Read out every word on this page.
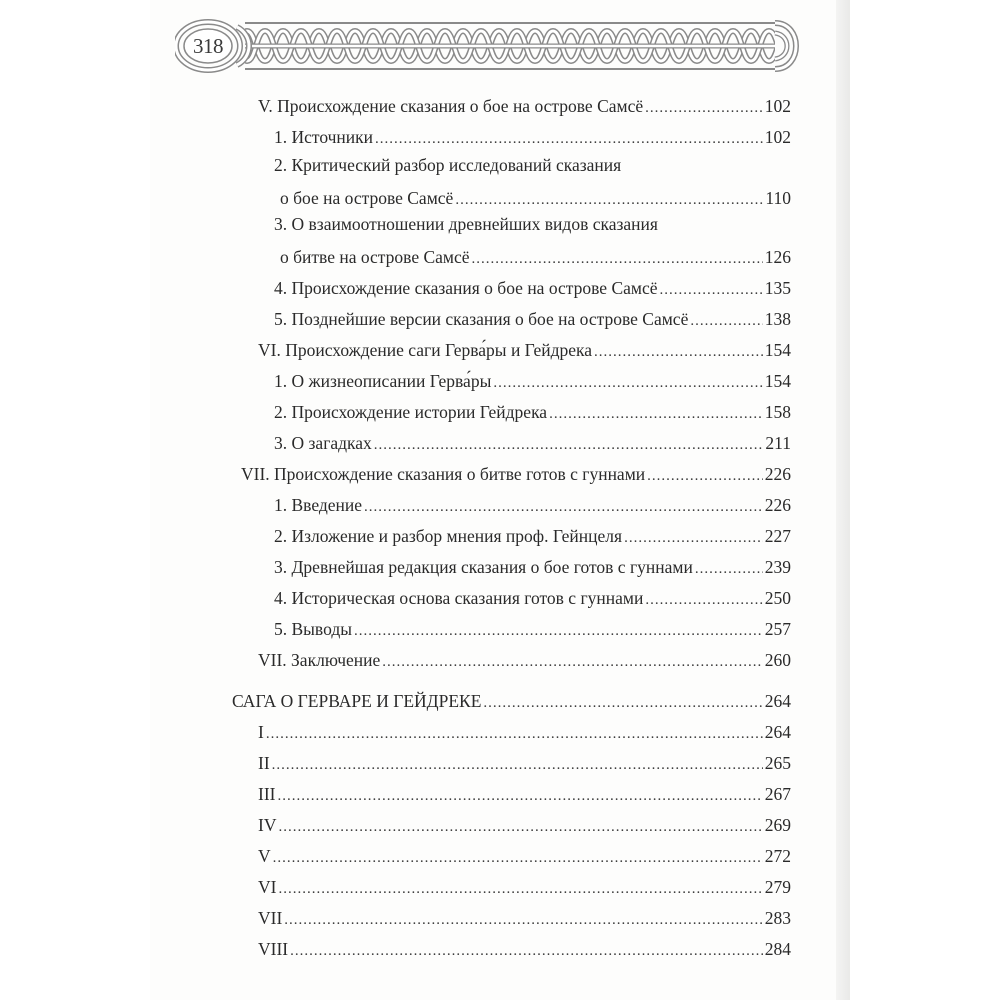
318
V. Происхождение сказания о бое на острове Самсё .....	102
1. Источники .....	102
2. Критический разбор исследований сказания
о бое на острове Самсё .....	110
3. О взаимоотношении древнейших видов сказания
о битве на острове Самсё .....	126
4. Происхождение сказания о бое на острове Самсё .....	135
5. Позднейшие версии сказания о бое на острове Самсё .....	138
VI. Происхождение саги Герва́ры и Гейдрека .....	154
1. О жизнеописании Герва́ры .....	154
2. Происхождение истории Гейдрека .....	158
3. О загадках .....	211
VII. Происхождение сказания о битве готов с гуннами .....	226
1. Введение .....	226
2. Изложение и разбор мнения проф. Гейнцеля .....	227
3. Древнейшая редакция сказания о бое готов с гуннами .....	239
4. Историческая основа сказания готов с гуннами .....	250
5. Выводы .....	257
VII. Заключение .....	260
САГА О ГЕРВАРЕ И ГЕЙДРЕКЕ .....	264
I .....	264
II .....	265
III .....	267
IV .....	269
V .....	272
VI .....	279
VII .....	283
VIII .....	284
